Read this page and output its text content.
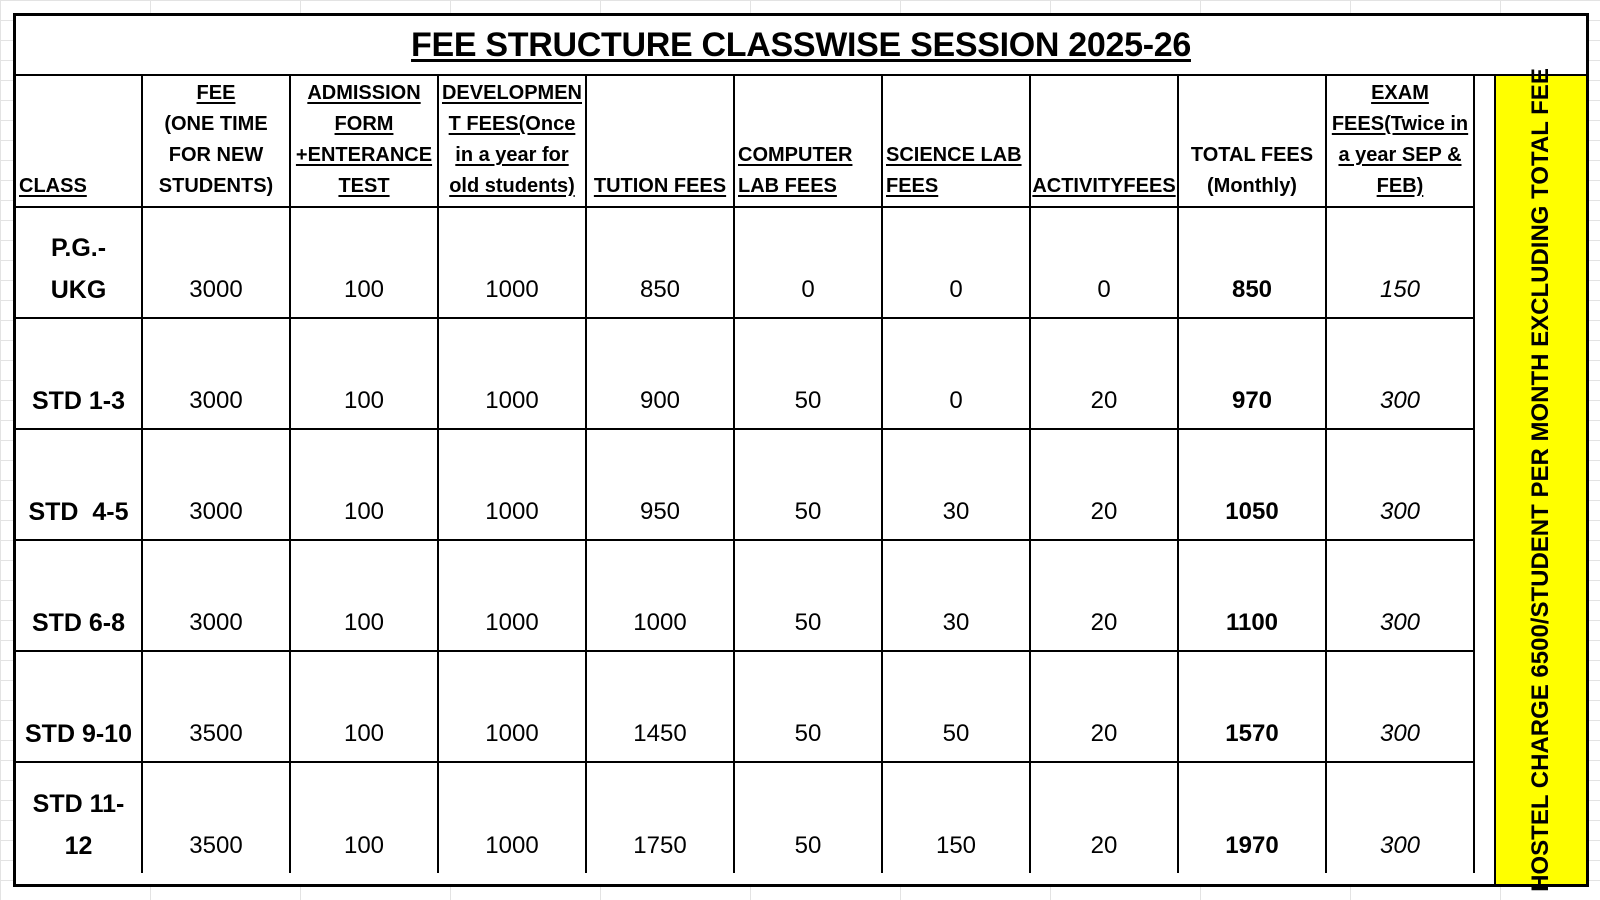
FEE STRUCTURE CLASSWISE SESSION 2025-26
CLASS	FEE
(ONE TIME
FOR NEW
STUDENTS)	ADMISSION
FORM
+ENTERANCE
TEST	DEVELOPMEN
T FEES(Once
in a year for
old students)	TUTION FEES	COMPUTER
LAB FEES	SCIENCE LAB
FEES	ACTIVITYFEES	TOTAL FEES
(Monthly)	EXAM
FEES(Twice in
a year SEP &
FEB)
P.G.-
UKG	3000	100	1000	850	0	0	0	850	150
STD 1-3	3000	100	1000	900	50	0	20	970	300
STD  4-5	3000	100	1000	950	50	30	20	1050	300
STD 6-8	3000	100	1000	1000	50	30	20	1100	300
STD 9-10	3500	100	1000	1450	50	50	20	1570	300
STD 11-
12	3500	100	1000	1750	50	150	20	1970	300	HOSTEL CHARGE 6500/STUDENT PER MONTH EXCLUDING TOTAL FEE
